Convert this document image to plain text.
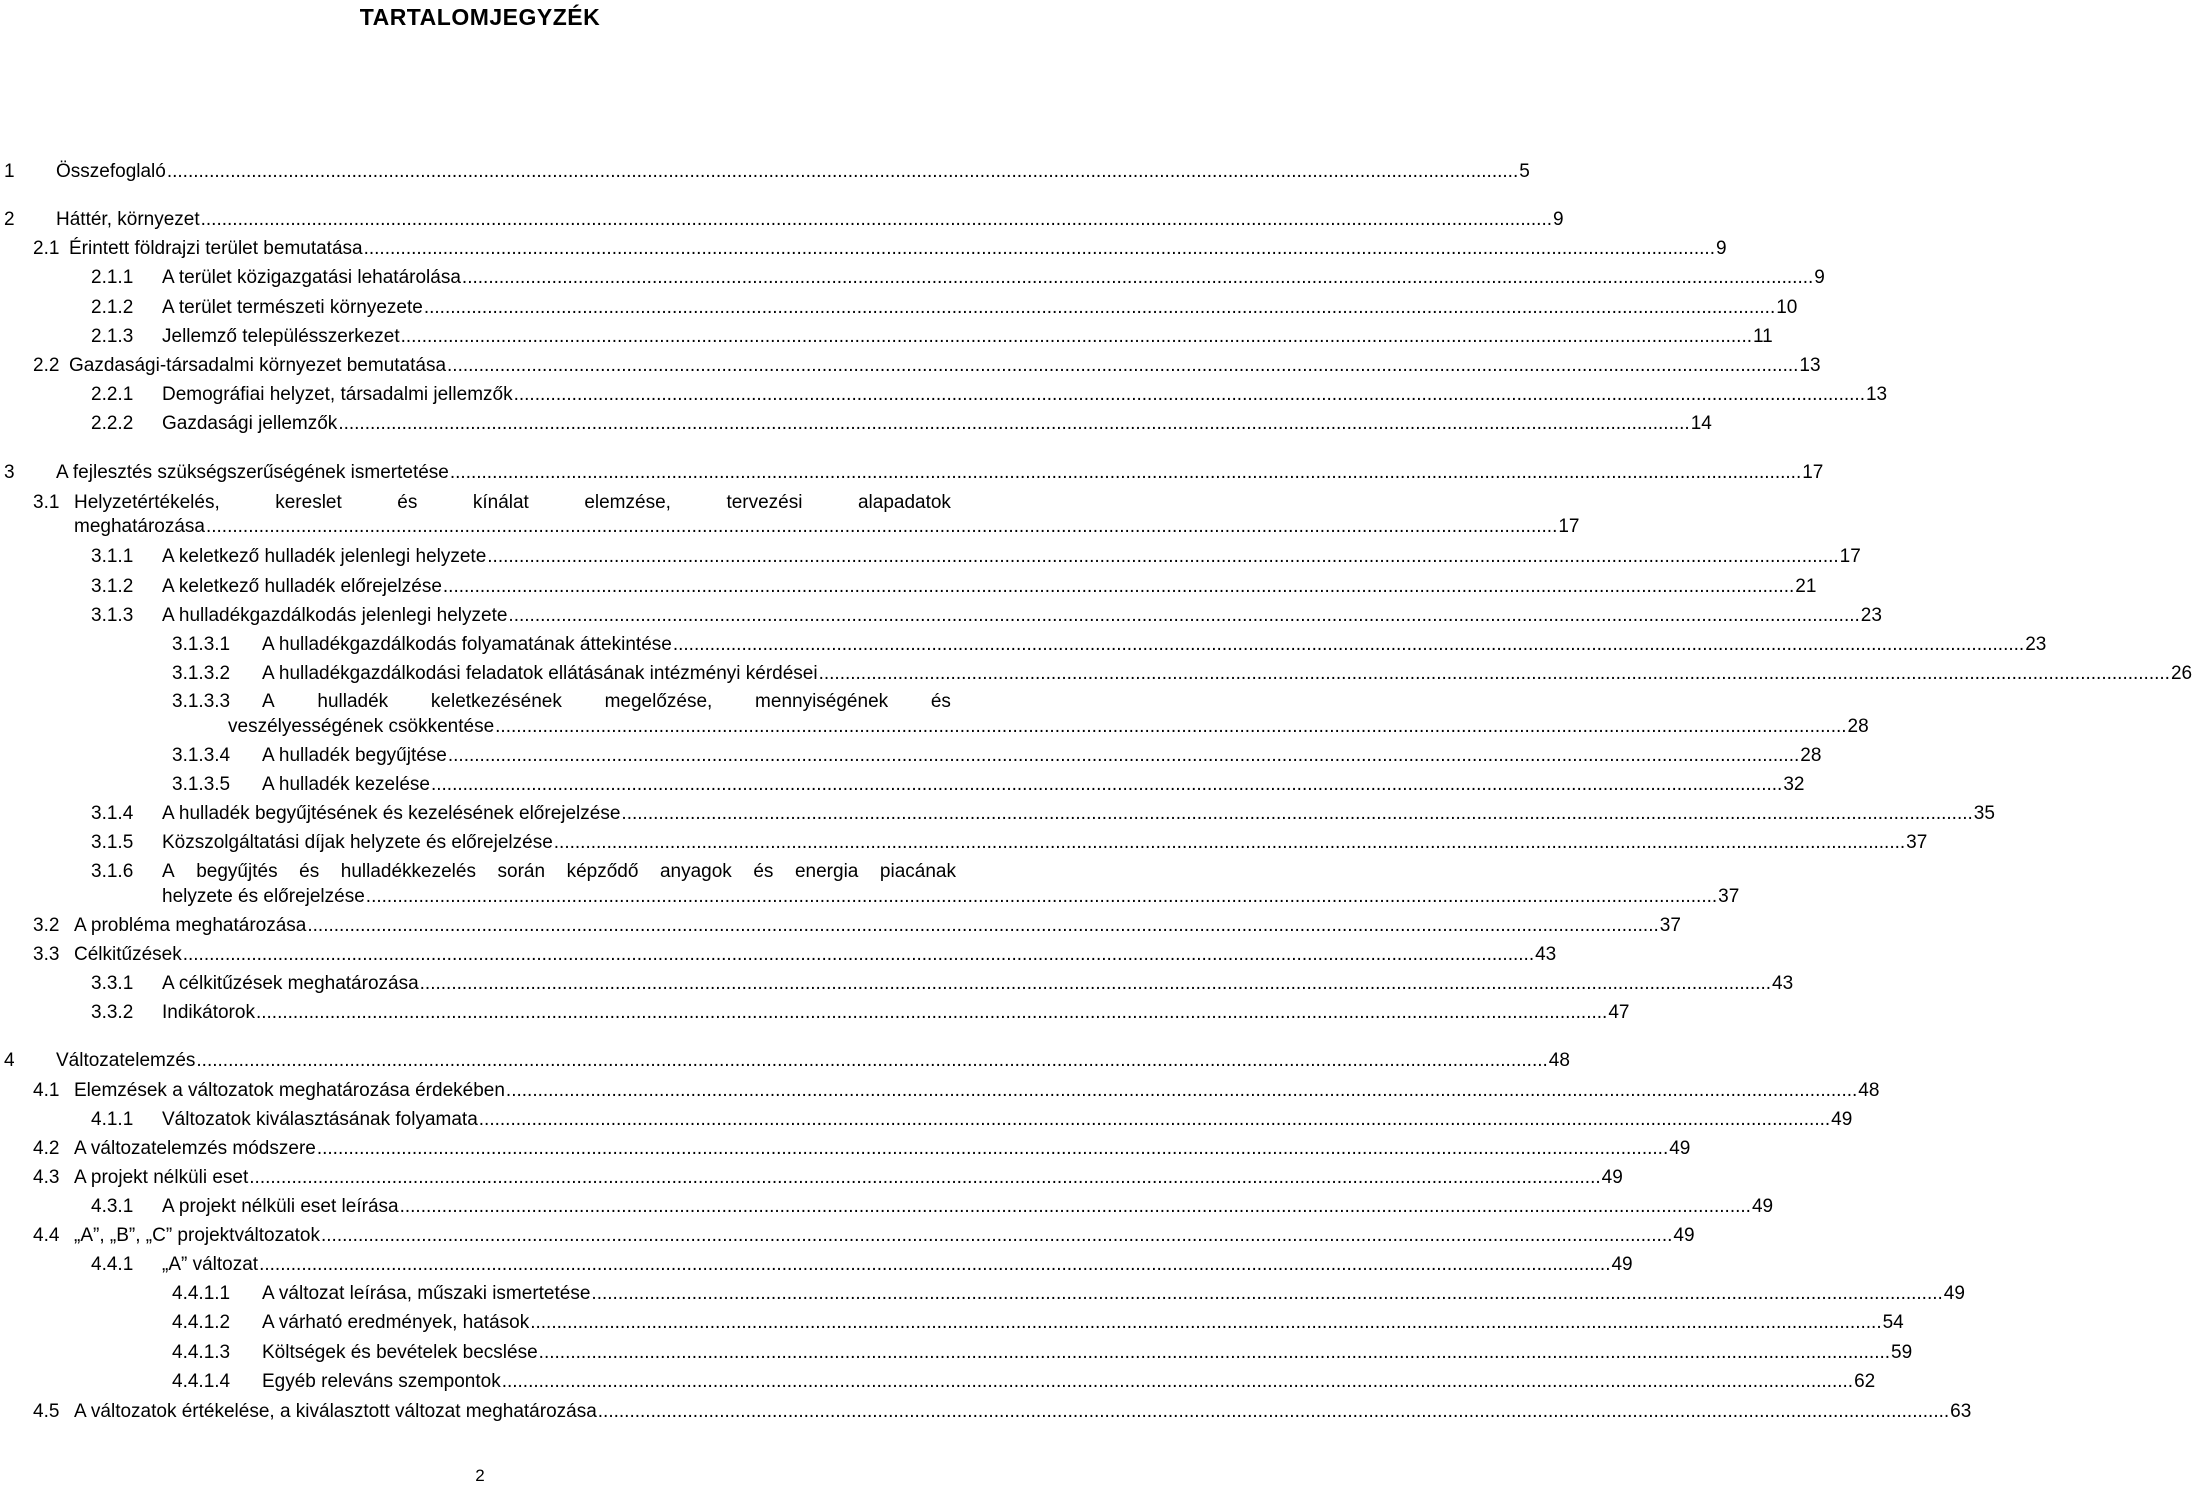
TARTALOMJEGYZÉK
1 Összefoglaló .....	5
2 Háttér, környezet .....	9
2.1 Érintett földrajzi terület bemutatása .....	9
2.1.1 A terület közigazgatási lehatárolása .....	9
2.1.2 A terület természeti környezete .....	10
2.1.3 Jellemző településszerkezet .....	11
2.2 Gazdasági-társadalmi környezet bemutatása .....	13
2.2.1 Demográfiai helyzet, társadalmi jellemzők .....	13
2.2.2 Gazdasági jellemzők .....	14
3 A fejlesztés szükségszerűségének ismertetése .....	17
3.1 Helyzetértékelés,	kereslet	és	kínálat	elemzése,	tervezési	alapadatok
meghatározása .....	17
3.1.1 A keletkező hulladék jelenlegi helyzete .....	17
3.1.2 A keletkező hulladék előrejelzése .....	21
3.1.3 A hulladékgazdálkodás jelenlegi helyzete .....	23
3.1.3.1 A hulladékgazdálkodás folyamatának áttekintése .....	23
3.1.3.2 A hulladékgazdálkodási feladatok ellátásának intézményi kérdései .....	26
3.1.3.3 A hulladék keletkezésének megelőzése, mennyiségének és
veszélyességének csökkentése .....	28
3.1.3.4 A hulladék begyűjtése .....	28
3.1.3.5 A hulladék kezelése .....	32
3.1.4 A hulladék begyűjtésének és kezelésének előrejelzése .....	35
3.1.5 Közszolgáltatási díjak helyzete és előrejelzése .....	37
3.1.6 A begyűjtés és hulladékkezelés során képződő anyagok és energia piacának
helyzete és előrejelzése .....	37
3.2 A probléma meghatározása .....	37
3.3 Célkitűzések .....	43
3.3.1 A célkitűzések meghatározása .....	43
3.3.2 Indikátorok .....	47
4 Változatelemzés .....	48
4.1 Elemzések a változatok meghatározása érdekében .....	48
4.1.1 Változatok kiválasztásának folyamata .....	49
4.2 A változatelemzés módszere .....	49
4.3 A projekt nélküli eset .....	49
4.3.1 A projekt nélküli eset leírása .....	49
4.4 „A”, „B”, „C” projektváltozatok .....	49
4.4.1 „A” változat .....	49
4.4.1.1 A változat leírása, műszaki ismertetése .....	49
4.4.1.2 A várható eredmények, hatások .....	54
4.4.1.3 Költségek és bevételek becslése .....	59
4.4.1.4 Egyéb releváns szempontok .....	62
4.5 A változatok értékelése, a kiválasztott változat meghatározása .....	63
2
